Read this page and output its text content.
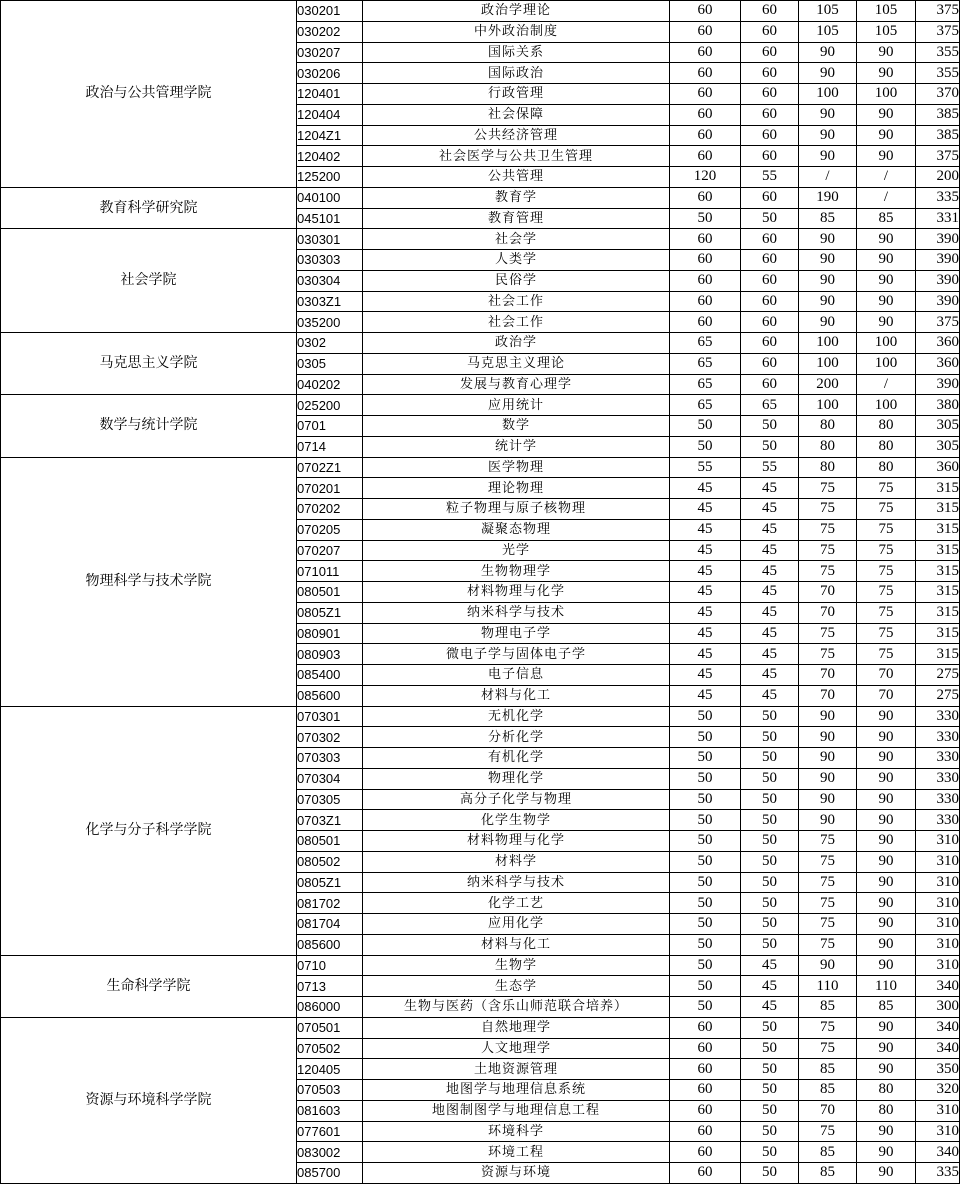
政治与公共管理学院	030201	政治学理论	60	60	105	105	375
	030202	中外政治制度	60	60	105	105	375
	030207	国际关系	60	60	90	90	355
	030206	国际政治	60	60	90	90	355
	120401	行政管理	60	60	100	100	370
	120404	社会保障	60	60	90	90	385
	1204Z1	公共经济管理	60	60	90	90	385
	120402	社会医学与公共卫生管理	60	60	90	90	375
	125200	公共管理	120	55	/	/	200
教育科学研究院	040100	教育学	60	60	190	/	335
	045101	教育管理	50	50	85	85	331
社会学院	030301	社会学	60	60	90	90	390
	030303	人类学	60	60	90	90	390
	030304	民俗学	60	60	90	90	390
	0303Z1	社会工作	60	60	90	90	390
	035200	社会工作	60	60	90	90	375
马克思主义学院	0302	政治学	65	60	100	100	360
	0305	马克思主义理论	65	60	100	100	360
	040202	发展与教育心理学	65	60	200	/	390
数学与统计学院	025200	应用统计	65	65	100	100	380
	0701	数学	50	50	80	80	305
	0714	统计学	50	50	80	80	305
物理科学与技术学院	0702Z1	医学物理	55	55	80	80	360
	070201	理论物理	45	45	75	75	315
	070202	粒子物理与原子核物理	45	45	75	75	315
	070205	凝聚态物理	45	45	75	75	315
	070207	光学	45	45	75	75	315
	071011	生物物理学	45	45	75	75	315
	080501	材料物理与化学	45	45	70	75	315
	0805Z1	纳米科学与技术	45	45	70	75	315
	080901	物理电子学	45	45	75	75	315
	080903	微电子学与固体电子学	45	45	75	75	315
	085400	电子信息	45	45	70	70	275
	085600	材料与化工	45	45	70	70	275
化学与分子科学学院	070301	无机化学	50	50	90	90	330
	070302	分析化学	50	50	90	90	330
	070303	有机化学	50	50	90	90	330
	070304	物理化学	50	50	90	90	330
	070305	高分子化学与物理	50	50	90	90	330
	0703Z1	化学生物学	50	50	90	90	330
	080501	材料物理与化学	50	50	75	90	310
	080502	材料学	50	50	75	90	310
	0805Z1	纳米科学与技术	50	50	75	90	310
	081702	化学工艺	50	50	75	90	310
	081704	应用化学	50	50	75	90	310
	085600	材料与化工	50	50	75	90	310
生命科学学院	0710	生物学	50	45	90	90	310
	0713	生态学	50	45	110	110	340
	086000	生物与医药（含乐山师范联合培养）	50	45	85	85	300
资源与环境科学学院	070501	自然地理学	60	50	75	90	340
	070502	人文地理学	60	50	75	90	340
	120405	土地资源管理	60	50	85	90	350
	070503	地图学与地理信息系统	60	50	85	80	320
	081603	地图制图学与地理信息工程	60	50	70	80	310
	077601	环境科学	60	50	75	90	310
	083002	环境工程	60	50	85	90	340
	085700	资源与环境	60	50	85	90	335
